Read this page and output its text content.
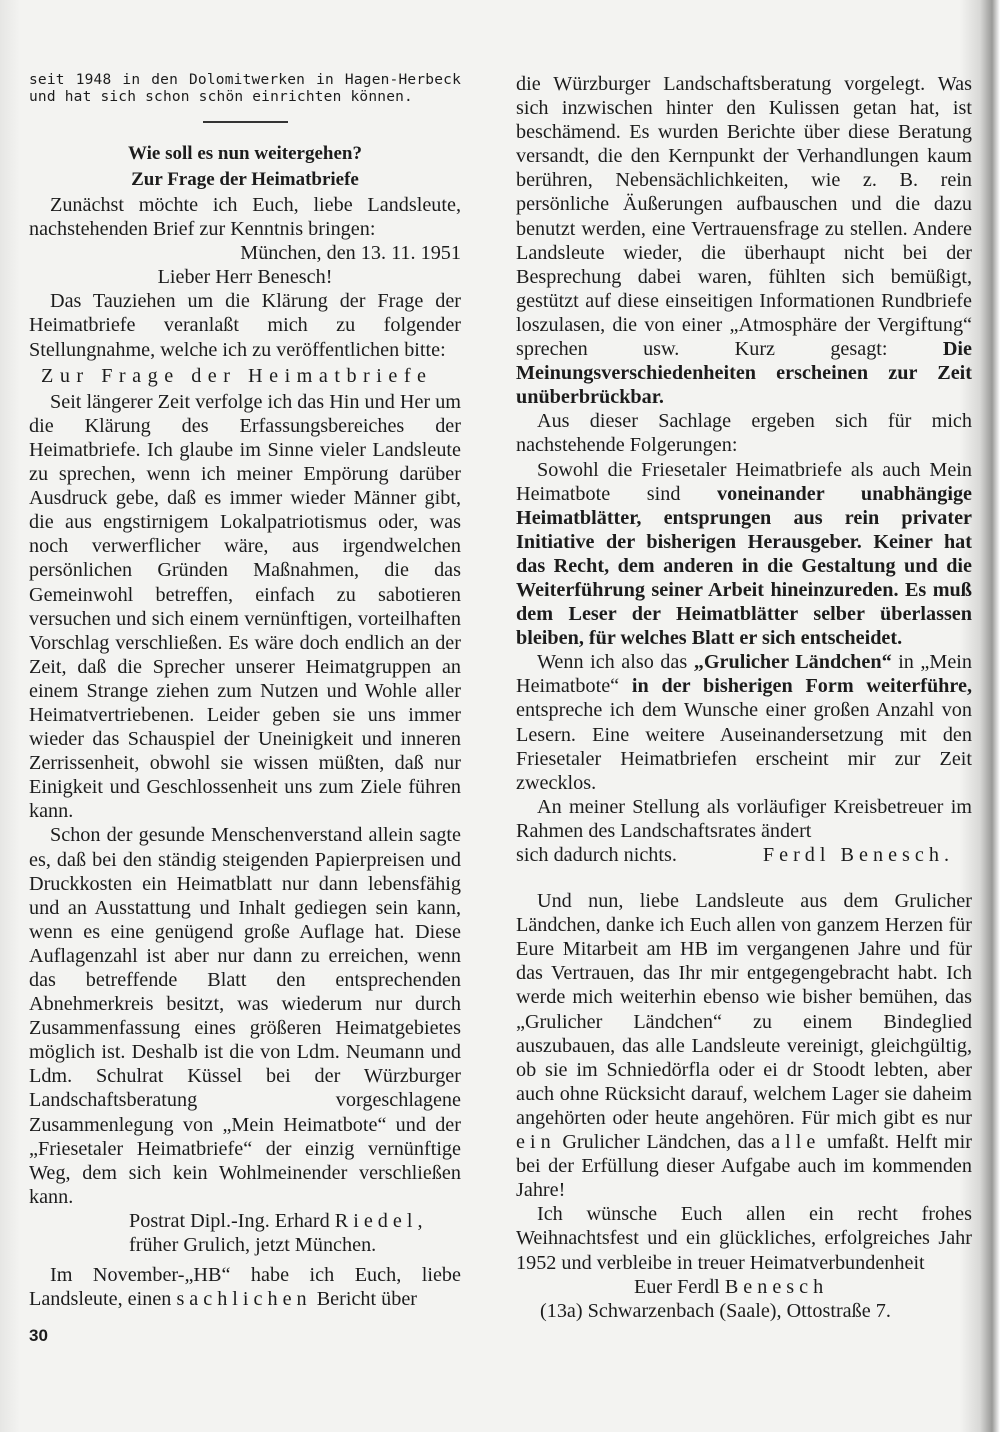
seit 1948 in den Dolomitwerken in Hagen-Herbeck und hat sich schon schön einrichten können.

Wie soll es nun weitergehen?

Zur Frage der Heimatbriefe

Zunächst möchte ich Euch, liebe Landsleute, nachstehenden Brief zur Kenntnis bringen:

München, den 13. 11. 1951

Lieber Herr Benesch!

Das Tauziehen um die Klärung der Frage der Heimatbriefe veranlaßt mich zu folgender Stellungnahme, welche ich zu veröffentlichen bitte:

Zur Frage der Heimatbriefe

Seit längerer Zeit verfolge ich das Hin und Her um die Klärung des Erfassungsbereiches der Heimatbriefe. Ich glaube im Sinne vieler Landsleute zu sprechen, wenn ich meiner Empörung darüber Ausdruck gebe, daß es immer wieder Männer gibt, die aus engstirnigem Lokalpatriotismus oder, was noch verwerflicher wäre, aus irgendwelchen persönlichen Gründen Maßnahmen, die das Gemeinwohl betreffen, einfach zu sabotieren versuchen und sich einem vernünftigen, vorteilhaften Vorschlag verschließen. Es wäre doch endlich an der Zeit, daß die Sprecher unserer Heimatgruppen an einem Strange ziehen zum Nutzen und Wohle aller Heimatvertriebenen. Leider geben sie uns immer wieder das Schauspiel der Uneinigkeit und inneren Zerrissenheit, obwohl sie wissen müßten, daß nur Einigkeit und Geschlossenheit uns zum Ziele führen kann.

Schon der gesunde Menschenverstand allein sagte es, daß bei den ständig steigenden Papierpreisen und Druckkosten ein Heimatblatt nur dann lebensfähig und an Ausstattung und Inhalt gediegen sein kann, wenn es eine genügend große Auflage hat. Diese Auflagenzahl ist aber nur dann zu erreichen, wenn das betreffende Blatt den entsprechenden Abnehmerkreis besitzt, was wiederum nur durch Zusammenfassung eines größeren Heimatgebietes möglich ist. Deshalb ist die von Ldm. Neumann und Ldm. Schulrat Küssel bei der Würzburger Landschaftsberatung vorgeschlagene Zusammenlegung von „Mein Heimatbote“ und der „Friesetaler Heimatbriefe“ der einzig vernünftige Weg, dem sich kein Wohlmeinender verschließen kann.

Postrat Dipl.-Ing. Erhard Riedel,

früher Grulich, jetzt München.

Im November-„HB“ habe ich Euch, liebe Landsleute, einen sachlichen Bericht über

die Würzburger Landschaftsberatung vorgelegt. Was sich inzwischen hinter den Kulissen getan hat, ist beschämend. Es wurden Berichte über diese Beratung versandt, die den Kernpunkt der Verhandlungen kaum berühren, Nebensächlichkeiten, wie z. B. rein persönliche Äußerungen aufbauschen und die dazu benutzt werden, eine Vertrauensfrage zu stellen. Andere Landsleute wieder, die überhaupt nicht bei der Besprechung dabei waren, fühlten sich bemüßigt, gestützt auf diese einseitigen Informationen Rundbriefe loszulasen, die von einer „Atmosphäre der Vergiftung“ sprechen usw. Kurz gesagt: Die Meinungsverschiedenheiten erscheinen zur Zeit unüberbrückbar.

Aus dieser Sachlage ergeben sich für mich nachstehende Folgerungen:

Sowohl die Friesetaler Heimatbriefe als auch Mein Heimatbote sind voneinander unabhängige Heimatblätter, entsprungen aus rein privater Initiative der bisherigen Herausgeber. Keiner hat das Recht, dem anderen in die Gestaltung und die Weiterführung seiner Arbeit hineinzureden. Es muß dem Leser der Heimatblätter selber überlassen bleiben, für welches Blatt er sich entscheidet.

Wenn ich also das „Grulicher Ländchen“ in „Mein Heimatbote“ in der bisherigen Form weiterführe, entspreche ich dem Wunsche einer großen Anzahl von Lesern. Eine weitere Auseinandersetzung mit den Friesetaler Heimatbriefen erscheint mir zur Zeit zwecklos.

An meiner Stellung als vorläufiger Kreisbetreuer im Rahmen des Landschaftsrates ändert

sich dadurch nichts.	Ferdl Benesch.

Und nun, liebe Landsleute aus dem Grulicher Ländchen, danke ich Euch allen von ganzem Herzen für Eure Mitarbeit am HB im vergangenen Jahre und für das Vertrauen, das Ihr mir entgegengebracht habt. Ich werde mich weiterhin ebenso wie bisher bemühen, das „Grulicher Ländchen“ zu einem Bindeglied auszubauen, das alle Landsleute vereinigt, gleichgültig, ob sie im Schniedörfla oder ei dr Stoodt lebten, aber auch ohne Rücksicht darauf, welchem Lager sie daheim angehörten oder heute angehören. Für mich gibt es nur ein Grulicher Ländchen, das alle umfaßt. Helft mir bei der Erfüllung dieser Aufgabe auch im kommenden Jahre!

Ich wünsche Euch allen ein recht frohes Weihnachtsfest und ein glückliches, erfolgreiches Jahr 1952 und verbleibe in treuer Heimatverbundenheit

Euer Ferdl Benesch

(13a) Schwarzenbach (Saale), Ottostraße 7.

30
